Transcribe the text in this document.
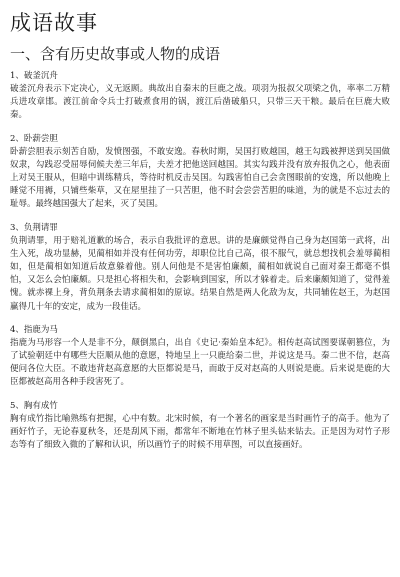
成语故事
一、含有历史故事或人物的成语
1、破釜沉舟

破釜沉舟表示下定决心，义无返顾。典故出自秦末的巨鹿之战。项羽为报叔父项梁之仇，率率二万精兵进攻章邯。渡江前命令兵士打破煮食用的锅，渡江后凿破船只，只带三天干粮。最后在巨鹿大败秦。

2、卧薪尝胆

卧薪尝胆表示刻苦自励，发愤图强，不敢安逸。春秋时期，吴国打败越国，越王勾践被押送到吴国做奴隶，勾践忍受屈辱伺候夫差三年后，夫差才把他送回越国。其实勾践并没有放弃报仇之心，他表面上对吴王服从，但暗中训练精兵，等待时机反击吴国。勾践害怕自己会贪图眼前的安逸，所以他晚上睡觉不用褥，只铺些柴草，又在屋里挂了一只苦胆，他不时会尝尝苦胆的味道，为的就是不忘过去的耻辱。最终越国强大了起来，灭了吴国。

3、负荆请罪

负荆请罪，用于赔礼道歉的场合，表示自我批评的意思。讲的是廉颇觉得自己身为赵国第一武将，出生入死，战功显赫，见蔺相如并没有任何功劳，却职位比自己高，很不服气，就总想找机会羞辱蔺相如，但是蔺相如知道后故意躲着他。别人问他是不是害怕廉颇，蔺相如就说自己面对秦王都毫不惧怕，又怎么会怕廉颇。只是担心将相失和，会影响到国家，所以才躲着走。后来廉颇知道了，觉得羞愧。就赤裸上身，背负荆条去请求蔺相如的原谅。结果自然是两人化敌为友，共同辅佐赵王，为赵国赢得几十年的安定，成为一段佳话。

4、指鹿为马

指鹿为马形容一个人是非不分，颠倒黑白，出自《史记·秦始皇本纪》。相传赵高试图要谋朝篡位，为了试验朝廷中有哪些大臣顺从他的意愿，特地呈上一只鹿给秦二世，并说这是马。秦二世不信，赵高便问各位大臣。不敢违背赵高意愿的大臣都说是马，而敢于反对赵高的人则说是鹿。后来说是鹿的大臣都被赵高用各种手段害死了。

5、胸有成竹

胸有成竹指比喻熟练有把握，心中有数。北宋时候，有一个著名的画家是当时画竹子的高手。他为了画好竹子，无论春夏秋冬，还是刮风下雨，都常年不断地在竹林子里头钻来钻去。正是因为对竹子形态等有了细致入微的了解和认识，所以画竹子的时候不用草图，可以直接画好。
